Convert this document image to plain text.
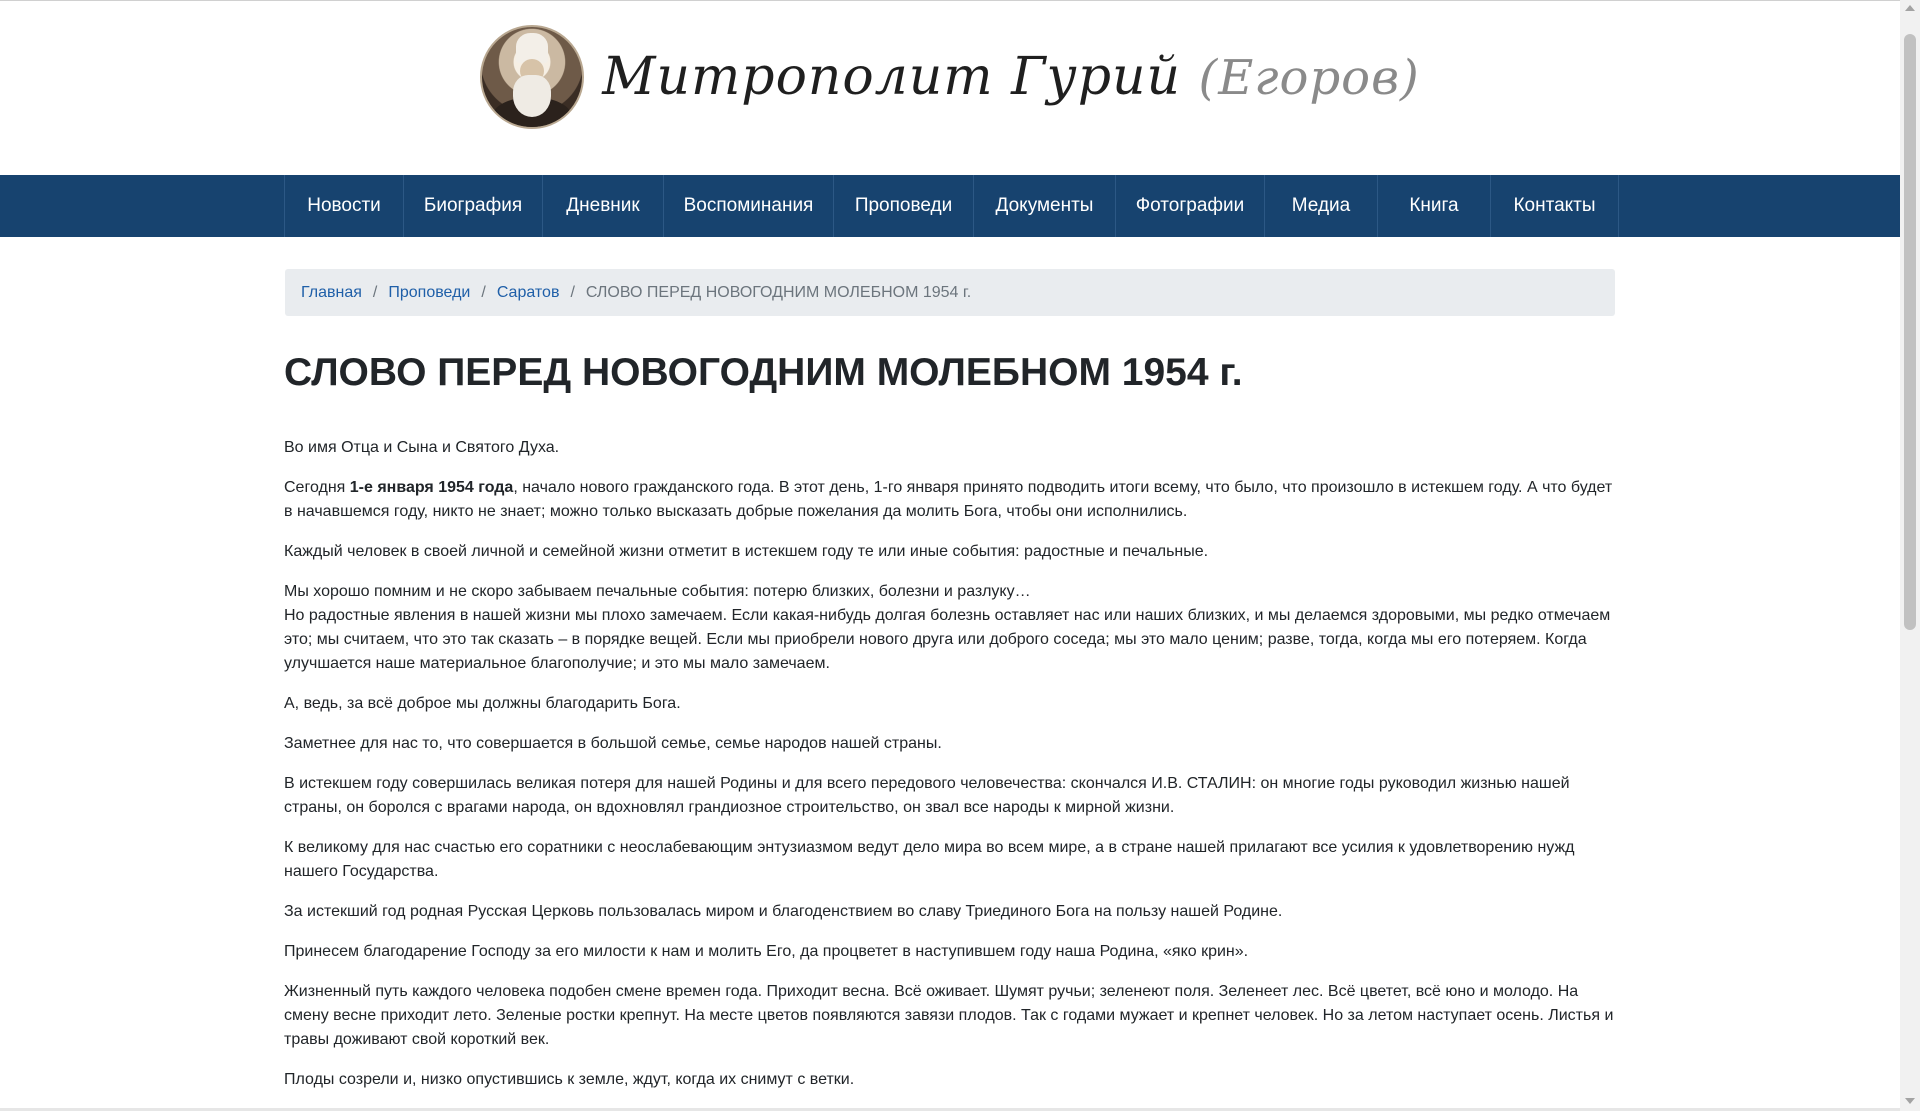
Митрополит Гурий (Егоров)
Новости	Биография	Дневник	Воспоминания	Проповеди	Документы	Фотографии	Медиа	Книга	Контакты
Главная / Проповеди / Саратов / СЛОВО ПЕРЕД НОВОГОДНИМ МОЛЕБНОМ 1954 г.
СЛОВО ПЕРЕД НОВОГОДНИМ МОЛЕБНОМ 1954 г.

Во имя Отца и Сына и Святого Духа.

Сегодня 1-е января 1954 года, начало нового гражданского года. В этот день, 1-го января принято подводить итоги всему, что было, что произошло в истекшем году. А что будет в начавшемся году, никто не знает; можно только высказать добрые пожелания да молить Бога, чтобы они исполнились.

Каждый человек в своей личной и семейной жизни отметит в истекшем году те или иные события: радостные и печальные.

Мы хорошо помним и не скоро забываем печальные события: потерю близких, болезни и разлуку…
Но радостные явления в нашей жизни мы плохо замечаем. Если какая-нибудь долгая болезнь оставляет нас или наших близких, и мы делаемся здоровыми, мы редко отмечаем это; мы считаем, что это так сказать – в порядке вещей. Если мы приобрели нового друга или доброго соседа; мы это мало ценим; разве, тогда, когда мы его потеряем. Когда улучшается наше материальное благополучие; и это мы мало замечаем.

А, ведь, за всё доброе мы должны благодарить Бога.

Заметнее для нас то, что совершается в большой семье, семье народов нашей страны.

В истекшем году совершилась великая потеря для нашей Родины и для всего передового человечества: скончался И.В. СТАЛИН: он многие годы руководил жизнью нашей страны, он боролся с врагами народа, он вдохновлял грандиозное строительство, он звал все народы к мирной жизни.

К великому для нас счастью его соратники с неослабевающим энтузиазмом ведут дело мира во всем мире, а в стране нашей прилагают все усилия к удовлетворению нужд нашего Государства.

За истекший год родная Русская Церковь пользовалась миром и благоденствием во славу Триединого Бога на пользу нашей Родине.

Принесем благодарение Господу за его милости к нам и молить Его, да процветет в наступившем году наша Родина, «яко крин».

Жизненный путь каждого человека подобен смене времен года. Приходит весна. Всё оживает. Шумят ручьи; зеленеют поля. Зеленеет лес. Всё цветет, всё юно и молодо. На смену весне приходит лето. Зеленые ростки крепнут. На месте цветов появляются завязи плодов. Так с годами мужает и крепнет человек. Но за летом наступает осень. Листья и травы доживают свой короткий век.

Плоды созрели и, низко опустившись к земле, ждут, когда их снимут с ветки.
